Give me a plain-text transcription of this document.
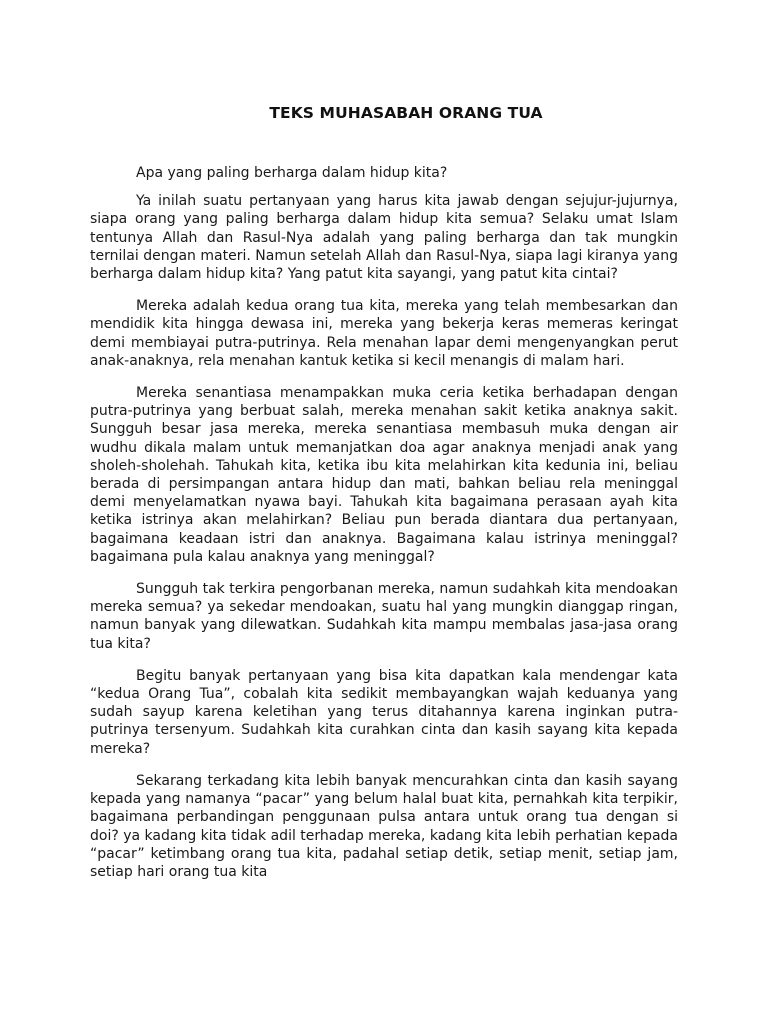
TEKS MUHASABAH ORANG TUA

Apa yang paling berharga dalam hidup kita?

Ya inilah suatu pertanyaan yang harus kita jawab dengan sejujur-jujurnya, siapa orang yang paling berharga dalam hidup kita semua? Selaku umat Islam tentunya Allah dan Rasul-Nya adalah yang paling berharga dan tak mungkin ternilai dengan materi. Namun setelah Allah dan Rasul-Nya, siapa lagi kiranya yang berharga dalam hidup kita? Yang patut kita sayangi, yang patut kita cintai?

Mereka adalah kedua orang tua kita, mereka yang telah membesarkan dan mendidik kita hingga dewasa ini, mereka yang bekerja keras memeras keringat demi membiayai putra-putrinya. Rela menahan lapar demi mengenyangkan perut anak-anaknya, rela menahan kantuk ketika si kecil menangis di malam hari.

Mereka senantiasa menampakkan muka ceria ketika berhadapan dengan putra-putrinya yang berbuat salah, mereka menahan sakit ketika anaknya sakit. Sungguh besar jasa mereka, mereka senantiasa membasuh muka dengan air wudhu dikala malam untuk memanjatkan doa agar anaknya menjadi anak yang sholeh-sholehah. Tahukah kita, ketika ibu kita melahirkan kita kedunia ini, beliau berada di persimpangan antara hidup dan mati, bahkan beliau rela meninggal demi menyelamatkan nyawa bayi. Tahukah kita bagaimana perasaan ayah kita ketika istrinya akan melahirkan? Beliau pun berada diantara dua pertanyaan, bagaimana keadaan istri dan anaknya. Bagaimana kalau istrinya meninggal? bagaimana pula kalau anaknya yang meninggal?

Sungguh tak terkira pengorbanan mereka, namun sudahkah kita mendoakan mereka semua? ya sekedar mendoakan, suatu hal yang mungkin dianggap ringan, namun banyak yang dilewatkan. Sudahkah kita mampu membalas jasa-jasa orang tua kita?

Begitu banyak pertanyaan yang bisa kita dapatkan kala mendengar kata “kedua Orang Tua”, cobalah kita sedikit membayangkan wajah keduanya yang sudah sayup karena keletihan yang terus ditahannya karena inginkan putra-putrinya tersenyum. Sudahkah kita curahkan cinta dan kasih sayang kita kepada mereka?

Sekarang terkadang kita lebih banyak mencurahkan cinta dan kasih sayang kepada yang namanya “pacar” yang belum halal buat kita, pernahkah kita terpikir, bagaimana perbandingan penggunaan pulsa antara untuk orang tua dengan si doi? ya kadang kita tidak adil terhadap mereka, kadang kita lebih perhatian kepada “pacar” ketimbang orang tua kita, padahal setiap detik, setiap menit, setiap jam, setiap hari orang tua kita
